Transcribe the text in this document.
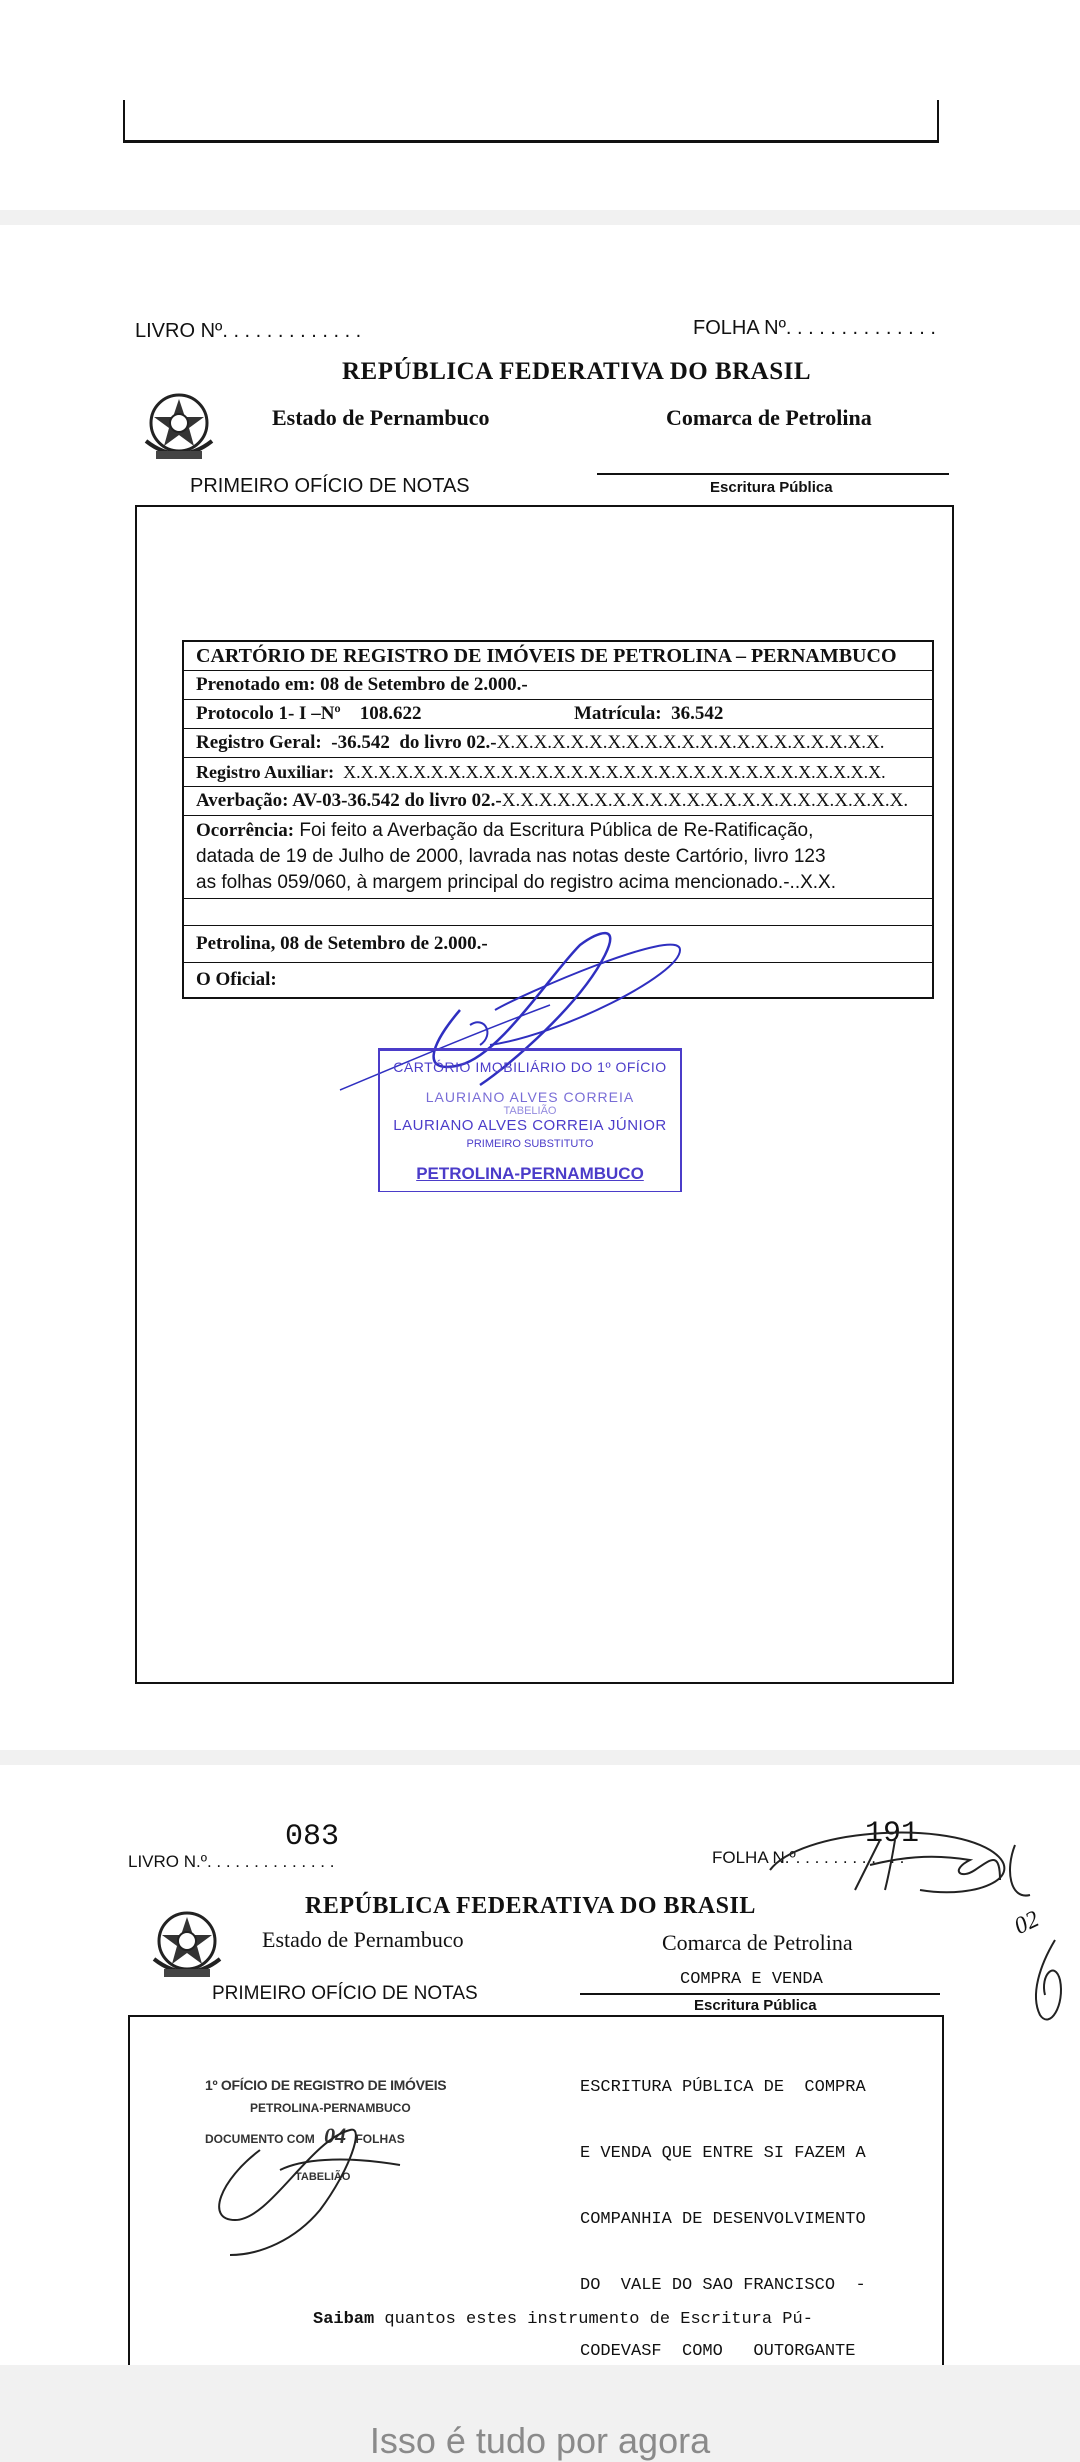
LIVRO Nº. . . . . . . . . . . . .	FOLHA Nº. . . . . . . . . . . . . .
REPÚBLICA FEDERATIVA DO BRASIL
Estado de Pernambuco	Comarca de Petrolina
PRIMEIRO OFÍCIO DE NOTAS	Escritura Pública
CARTÓRIO DE REGISTRO DE IMÓVEIS DE PETROLINA – PERNAMBUCO
Prenotado em: 08 de Setembro de 2.000.-
Protocolo 1- I –Nº    108.622	Matrícula:  36.542
Registro Geral:  -36.542  do livro 02.-X.X.X.X.X.X.X.X.X.X.X.X.X.X.X.X.X.X.X.X.X.
Registro Auxiliar: X.X.X.X.X.X.X.X.X.X.X.X.X.X.X.X.X.X.X.X.X.X.X.X.X.X.X.X.X.X.X.
Averbação: AV-03-36.542 do livro 02.-X.X.X.X.X.X.X.X.X.X.X.X.X.X.X.X.X.X.X.X.X.X.
Ocorrência: Foi feito a Averbação da Escritura Pública de Re-Ratificação,
datada de 19 de Julho de 2000, lavrada nas notas deste Cartório, livro 123
as folhas 059/060, à margem principal do registro acima mencionado.-..X.X.
Petrolina, 08 de Setembro de 2.000.-
O Oficial:
CARTÓRIO IMOBILIÁRIO DO 1º OFÍCIO
LAURIANO ALVES CORREIA
TABELIÃO
LAURIANO ALVES CORREIA JÚNIOR
PRIMEIRO SUBSTITUTO
PETROLINA-PERNAMBUCO
LIVRO N.º. . . . . . . . . . . . . .
083
FOLHA N.º. . . . . . . . . . . .
191
02
REPÚBLICA FEDERATIVA DO BRASIL
Estado de Pernambuco	Comarca de Petrolina
PRIMEIRO OFÍCIO DE NOTAS
COMPRA E VENDA
Escritura Pública
1º OFÍCIO DE REGISTRO DE IMÓVEIS
PETROLINA-PERNAMBUCO
DOCUMENTO COM 04 FOLHAS
TABELIÃO

ESCRITURA PÚBLICA DE  COMPRA

E VENDA QUE ENTRE SI FAZEM A

COMPANHIA DE DESENVOLVIMENTO

DO  VALE DO SAO FRANCISCO  -

CODEVASF  COMO   OUTORGANTE

Saibam quantos estes instrumento de Escritura Pú-

Isso é tudo por agora
